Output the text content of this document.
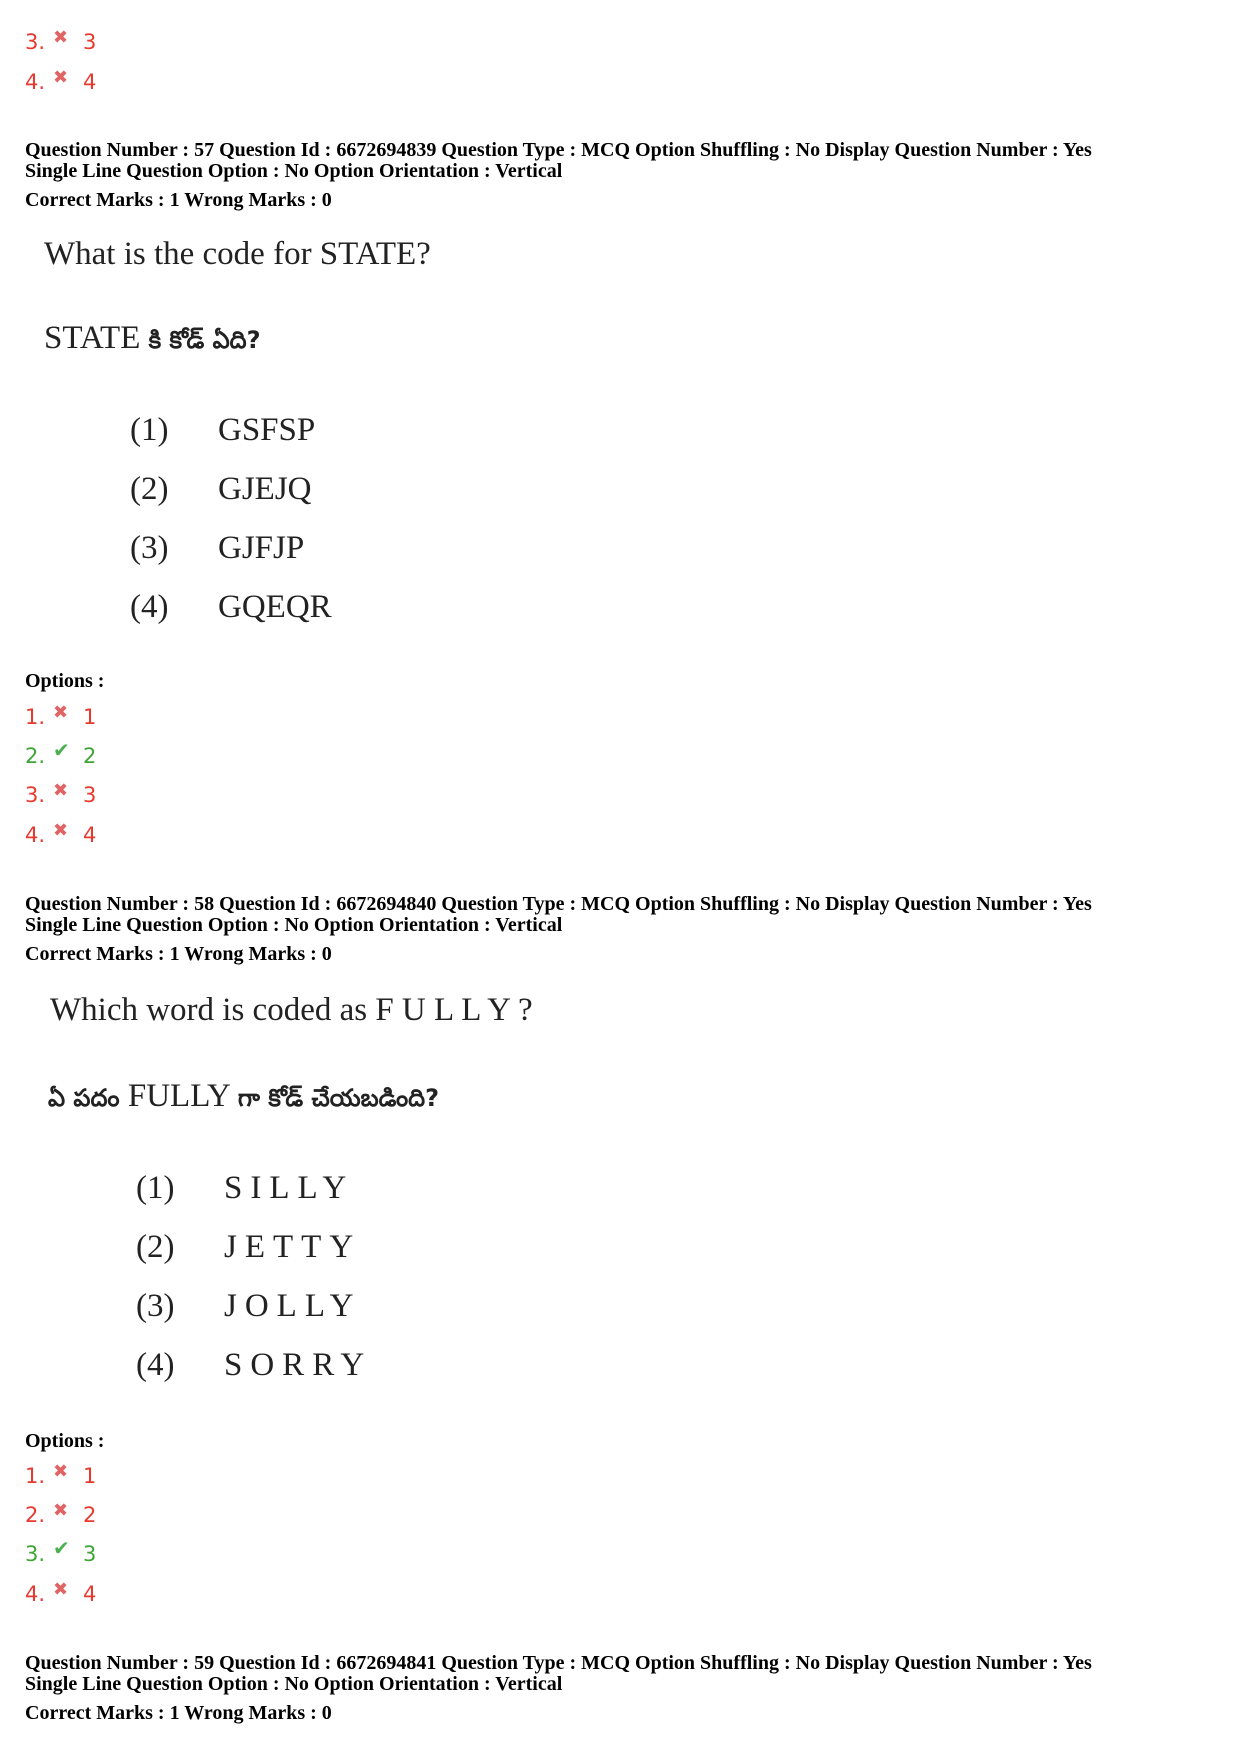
3. ✖ 3
4. ✖ 4
Question Number : 57 Question Id : 6672694839 Question Type : MCQ Option Shuffling : No Display Question Number : Yes
Single Line Question Option : No Option Orientation : Vertical
Correct Marks : 1 Wrong Marks : 0
What is the code for STATE?
STATE కి కోడ్ ఏది?
(1) GSFSP
(2) GJEJQ
(3) GJFJP
(4) GQEQR
Options :
1. ✖ 1
2. ✔ 2
3. ✖ 3
4. ✖ 4
Question Number : 58 Question Id : 6672694840 Question Type : MCQ Option Shuffling : No Display Question Number : Yes
Single Line Question Option : No Option Orientation : Vertical
Correct Marks : 1 Wrong Marks : 0
Which word is coded as F U L L Y ?
ఏ పదం FULLY గా కోడ్ చేయబడింది?
(1) SILLY
(2) JETTY
(3) JOLLY
(4) SORRY
Options :
1. ✖ 1
2. ✖ 2
3. ✔ 3
4. ✖ 4
Question Number : 59 Question Id : 6672694841 Question Type : MCQ Option Shuffling : No Display Question Number : Yes
Single Line Question Option : No Option Orientation : Vertical
Correct Marks : 1 Wrong Marks : 0
